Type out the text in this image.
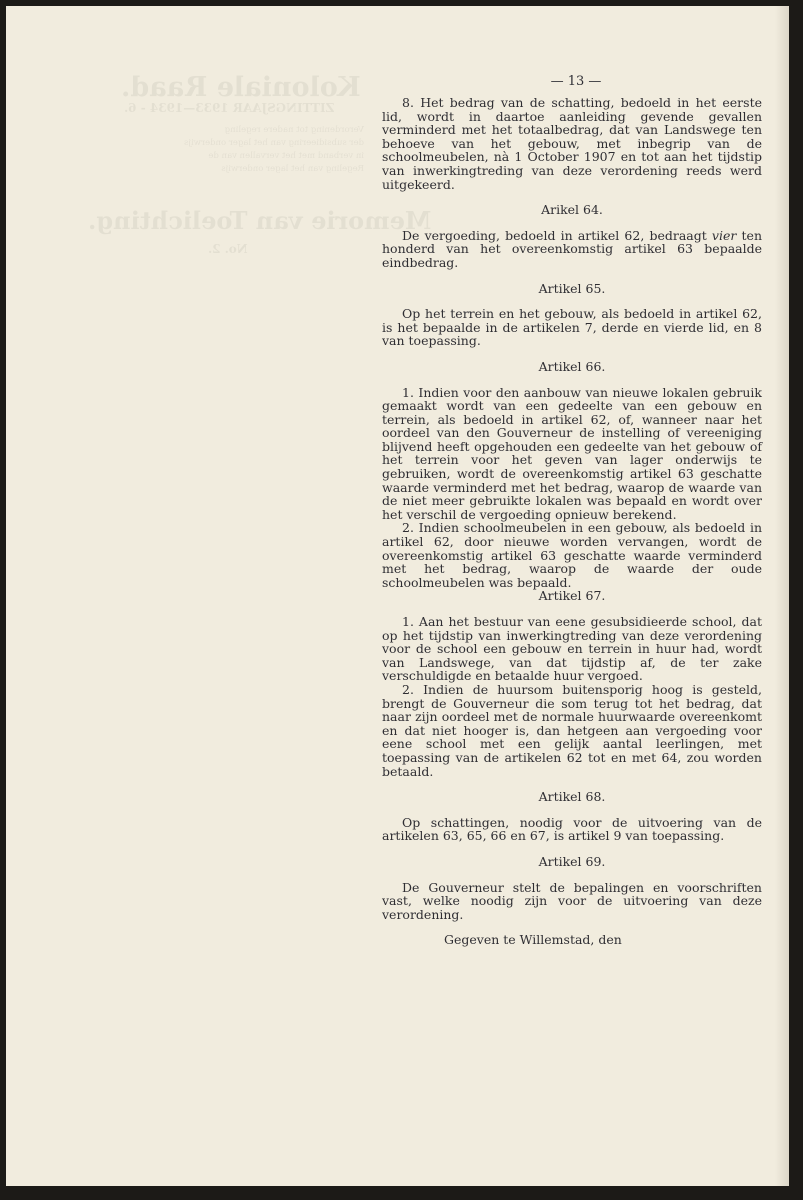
Koloniale Raad.
ZITTINGSJAAR 1933—1934 - 6.
Verordening tot nadere regeling
der subsidieering van het lager onderwijs
in verband met het vervallen van de
Regeling van het lager onderwijs
Memorie van Toelichting.
No. 2.
— 13 —

8. Het bedrag van de schatting, bedoeld in het eerste lid, wordt in daartoe aanleiding gevende gevallen verminderd met het totaalbedrag, dat van Landswege ten behoeve van het gebouw, met inbegrip van de schoolmeubelen, nà 1 October 1907 en tot aan het tijdstip van inwerkingtreding van deze verordening reeds werd uitgekeerd.

Arikel 64.

De vergoeding, bedoeld in artikel 62, bedraagt vier ten honderd van het overeenkomstig artikel 63 bepaalde eindbedrag.

Artikel 65.

Op het terrein en het gebouw, als bedoeld in artikel 62, is het bepaalde in de artikelen 7, derde en vierde lid, en 8 van toepassing.

Artikel 66.

1. Indien voor den aanbouw van nieuwe lokalen gebruik gemaakt wordt van een gedeelte van een gebouw en terrein, als bedoeld in artikel 62, of, wanneer naar het oordeel van den Gouverneur de instelling of vereeniging blijvend heeft opgehouden een gedeelte van het gebouw of het terrein voor het geven van lager onderwijs te gebruiken, wordt de overeenkomstig artikel 63 geschatte waarde verminderd met het bedrag, waarop de waarde van de niet meer gebruikte lokalen was bepaald en wordt over het verschil de vergoeding opnieuw berekend.

2. Indien schoolmeubelen in een gebouw, als bedoeld in artikel 62, door nieuwe worden vervangen, wordt de overeenkomstig artikel 63 geschatte waarde verminderd met het bedrag, waarop de waarde der oude schoolmeubelen was bepaald.

Artikel 67.

1. Aan het bestuur van eene gesubsidieerde school, dat op het tijdstip van inwerkingtreding van deze verordening voor de school een gebouw en terrein in huur had, wordt van Landswege, van dat tijdstip af, de ter zake verschuldigde en betaalde huur vergoed.

2. Indien de huursom buitensporig hoog is gesteld, brengt de Gouverneur die som terug tot het bedrag, dat naar zijn oordeel met de normale huurwaarde overeenkomt en dat niet hooger is, dan hetgeen aan vergoeding voor eene school met een gelijk aantal leerlingen, met toepassing van de artikelen 62 tot en met 64, zou worden betaald.

Artikel 68.

Op schattingen, noodig voor de uitvoering van de artikelen 63, 65, 66 en 67, is artikel 9 van toepassing.

Artikel 69.

De Gouverneur stelt de bepalingen en voorschriften vast, welke noodig zijn voor de uitvoering van deze verordening.

Gegeven te Willemstad, den
